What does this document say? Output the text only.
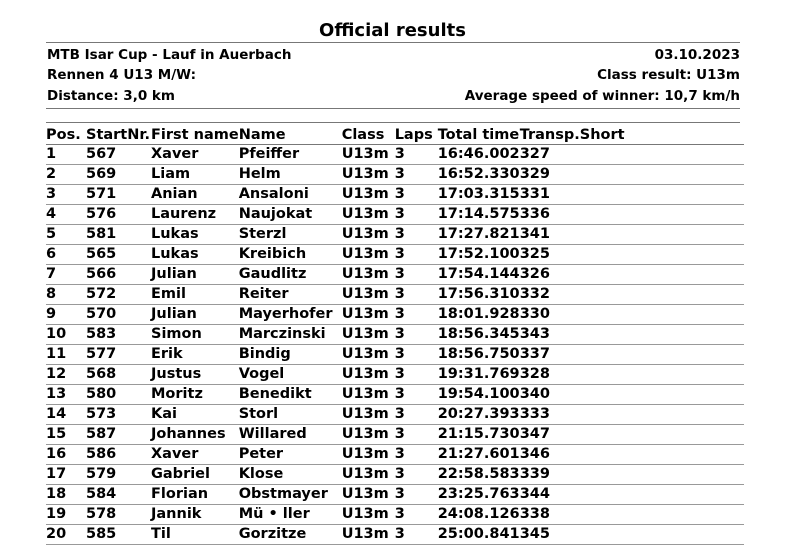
Official results
MTB Isar Cup - Lauf in Auerbach	03.10.2023
Rennen 4 U13 M/W:	Class result: U13m
Distance: 3,0 km	Average speed of winner: 10,7 km/h
Pos.	StartNr.	First name	Name	Class	Laps	Total time	Transp.Short
1	567	Xaver	Pfeiffer	U13m	3	16:46.002	327
2	569	Liam	Helm	U13m	3	16:52.330	329
3	571	Anian	Ansaloni	U13m	3	17:03.315	331
4	576	Laurenz	Naujokat	U13m	3	17:14.575	336
5	581	Lukas	Sterzl	U13m	3	17:27.821	341
6	565	Lukas	Kreibich	U13m	3	17:52.100	325
7	566	Julian	Gaudlitz	U13m	3	17:54.144	326
8	572	Emil	Reiter	U13m	3	17:56.310	332
9	570	Julian	Mayerhofer	U13m	3	18:01.928	330
10	583	Simon	Marczinski	U13m	3	18:56.345	343
11	577	Erik	Bindig	U13m	3	18:56.750	337
12	568	Justus	Vogel	U13m	3	19:31.769	328
13	580	Moritz	Benedikt	U13m	3	19:54.100	340
14	573	Kai	Storl	U13m	3	20:27.393	333
15	587	Johannes	Willared	U13m	3	21:15.730	347
16	586	Xaver	Peter	U13m	3	21:27.601	346
17	579	Gabriel	Klose	U13m	3	22:58.583	339
18	584	Florian	Obstmayer	U13m	3	23:25.763	344
19	578	Jannik	Mü • ller	U13m	3	24:08.126	338
20	585	Til	Gorzitze	U13m	3	25:00.841	345
